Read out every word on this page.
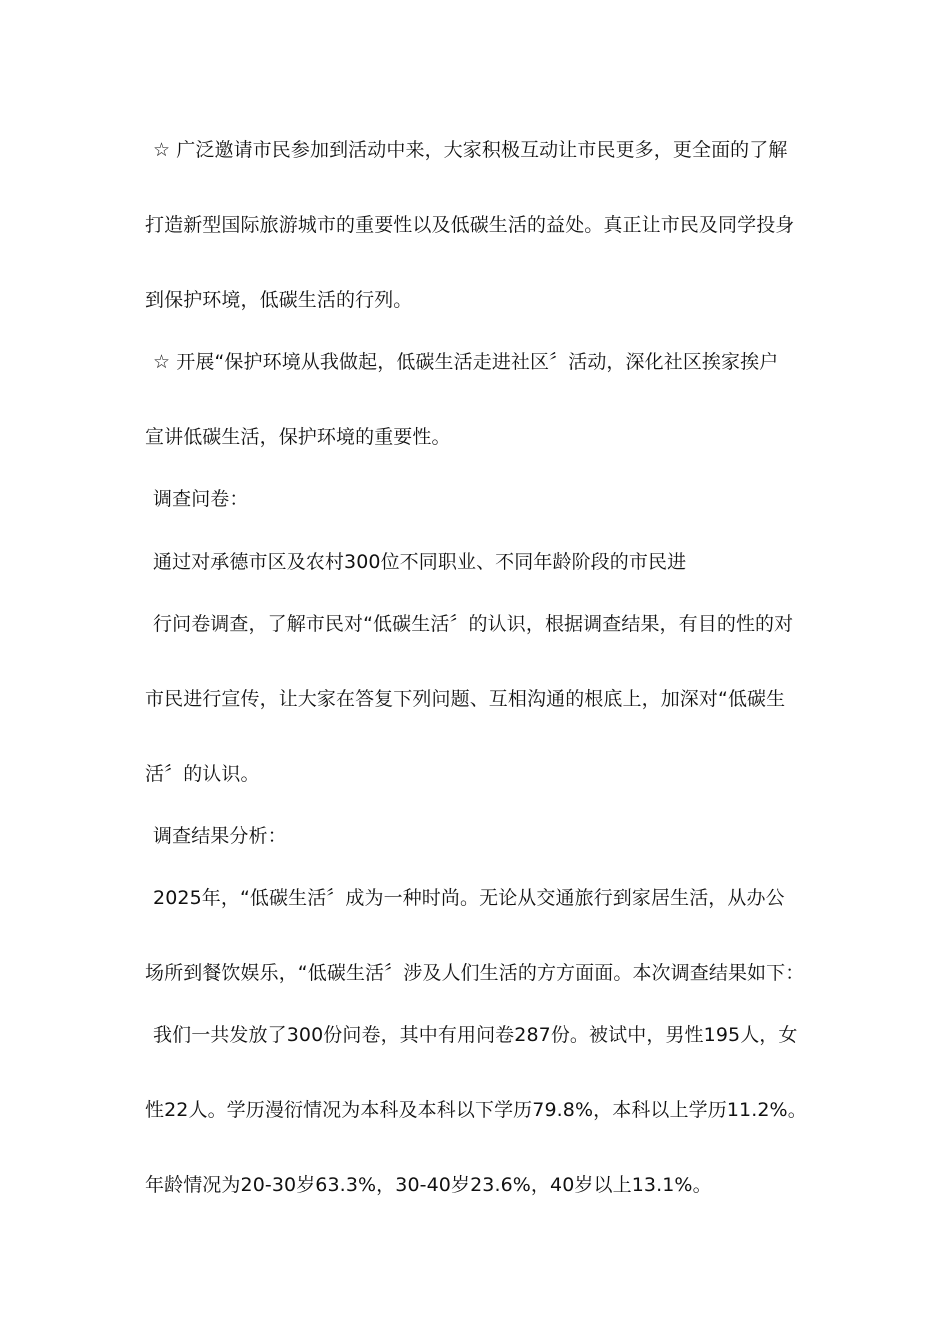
☆ 广泛邀请市民参加到活动中来，大家积极互动让市民更多，更全面的了解
打造新型国际旅游城市的重要性以及低碳生活的益处。真正让市民及同学投身
到保护环境，低碳生活的行列。
☆ 开展“保护环境从我做起，低碳生活走进社区〞活动，深化社区挨家挨户
宣讲低碳生活，保护环境的重要性。
调查问卷：
通过对承德市区及农村300位不同职业、不同年龄阶段的市民进
行问卷调查，了解市民对“低碳生活〞的认识，根据调查结果，有目的性的对
市民进行宣传，让大家在答复下列问题、互相沟通的根底上，加深对“低碳生
活〞的认识。
调查结果分析：
2025年，“低碳生活〞成为一种时尚。无论从交通旅行到家居生活，从办公
场所到餐饮娱乐，“低碳生活〞涉及人们生活的方方面面。本次调查结果如下：
我们一共发放了300份问卷，其中有用问卷287份。被试中，男性195人，女
性22人。学历漫衍情况为本科及本科以下学历79.8%，本科以上学历11.2%。
年龄情况为20-30岁63.3%，30-40岁23.6%，40岁以上13.1%。
